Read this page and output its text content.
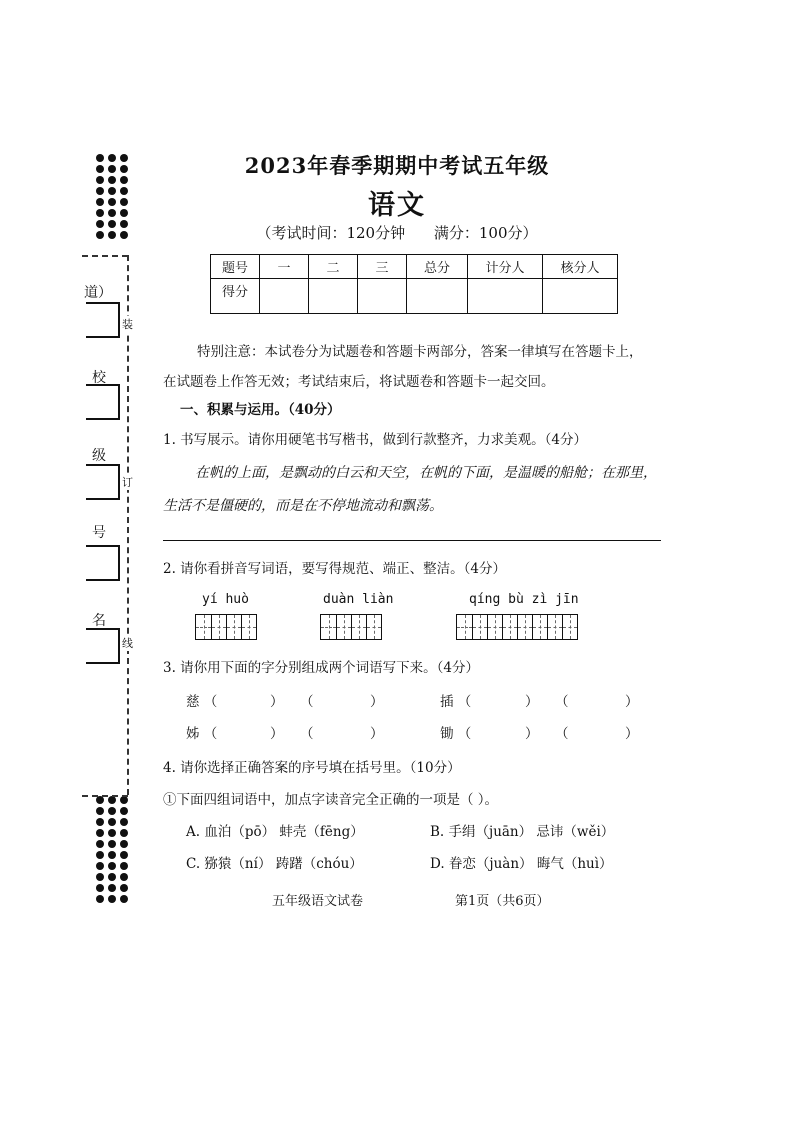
道）
校
级
号
名
装
订
线
2023年春季期期中考试五年级
语文
（考试时间：120分钟 满分：100分）
题号	一	二	三	总分	计分人	核分人
得分						
特别注意：本试卷分为试题卷和答题卡两部分，答案一律填写在答题卡上，
在试题卷上作答无效；考试结束后，将试题卷和答题卡一起交回。
一、积累与运用。（40分）
1. 书写展示。请你用硬笔书写楷书，做到行款整齐，力求美观。（4分）
在帆的上面，是飘动的白云和天空，在帆的下面，是温暖的船舱；在那里，
生活不是僵硬的，而是在不停地流动和飘荡。
2. 请你看拼音写词语，要写得规范、端正、整洁。（4分）
yí huò	duàn liàn	qíng bù zì jīn
3. 请你用下面的字分别组成两个词语写下来。（4分）
慈 （	） （	）	插 （	） （	）
姊 （	） （	）	锄 （	） （	）
4. 请你选择正确答案的序号填在括号里。（10分）
①下面四组词语中，加点字读音完全正确的一项是（ ）。
A. 血泊（pō） 蚌壳（fēng）	B. 手绢（juān） 忌讳（wěi）
C. 猕猿（ní） 踌躇（chóu）	D. 眷恋（juàn） 晦气（huì）
五年级语文试卷	第1页（共6页）
